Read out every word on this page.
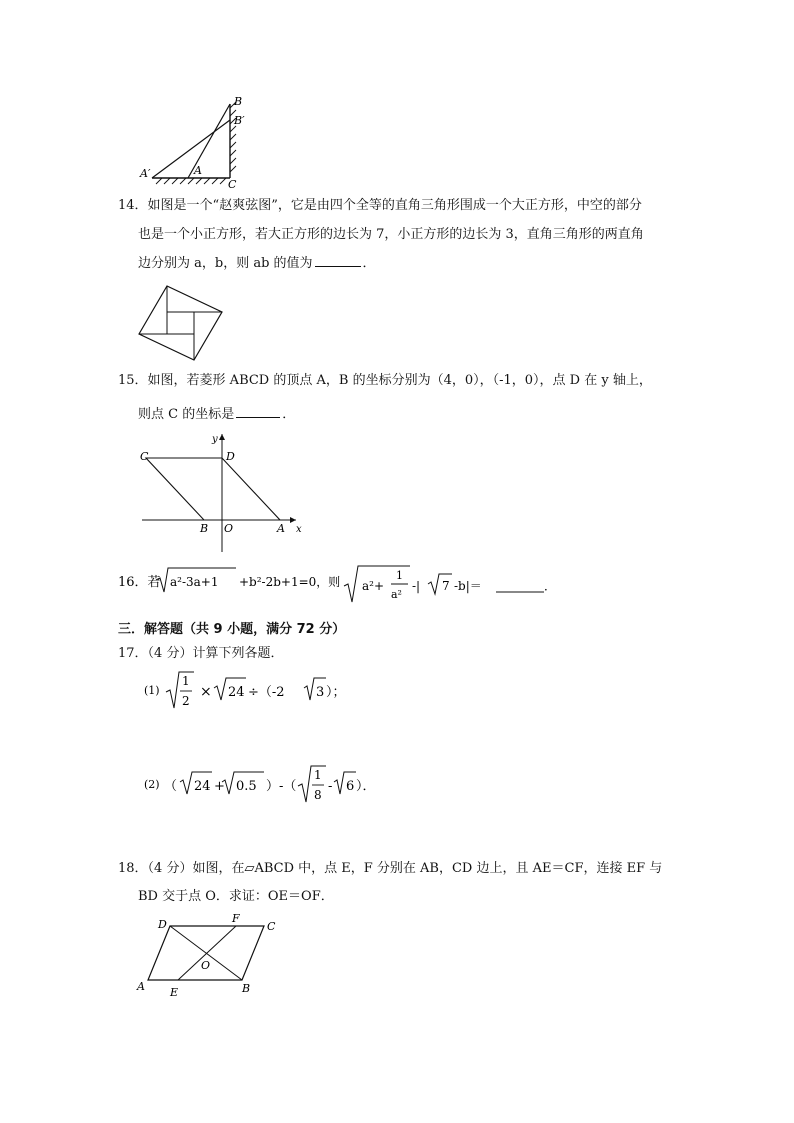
B
B′
A′	A
C
14．如图是一个“赵爽弦图”，它是由四个全等的直角三角形围成一个大正方形，中空的部分
也是一个小正方形，若大正方形的边长为 7，小正方形的边长为 3，直角三角形的两直角
边分别为 a，b，则 ab 的值为	．
15．如图，若菱形 ABCD 的顶点 A，B 的坐标分别为（4，0），（-1，0），点 D 在 y 轴上，
则点 C 的坐标是	．
C	D
y
B O	A x
16．若 a²-3a+1 +b²-2b+1=0，则 a²+
1
a²
-| 7 -b|＝	．
三．解答题（共 9 小题，满分 72 分）
17．（4 分）计算下列各题．
(1)
1
2
× 24 ÷（-2 3 ）；
(2) （ 24 + 0.5 ）-（
1
8
- 6 ）．
18．（4 分）如图，在▱ABCD 中，点 E，F 分别在 AB，CD 边上，且 AE＝CF，连接 EF 与
BD 交于点 O．求证：OE＝OF．
D	F
C
O
A E	B
